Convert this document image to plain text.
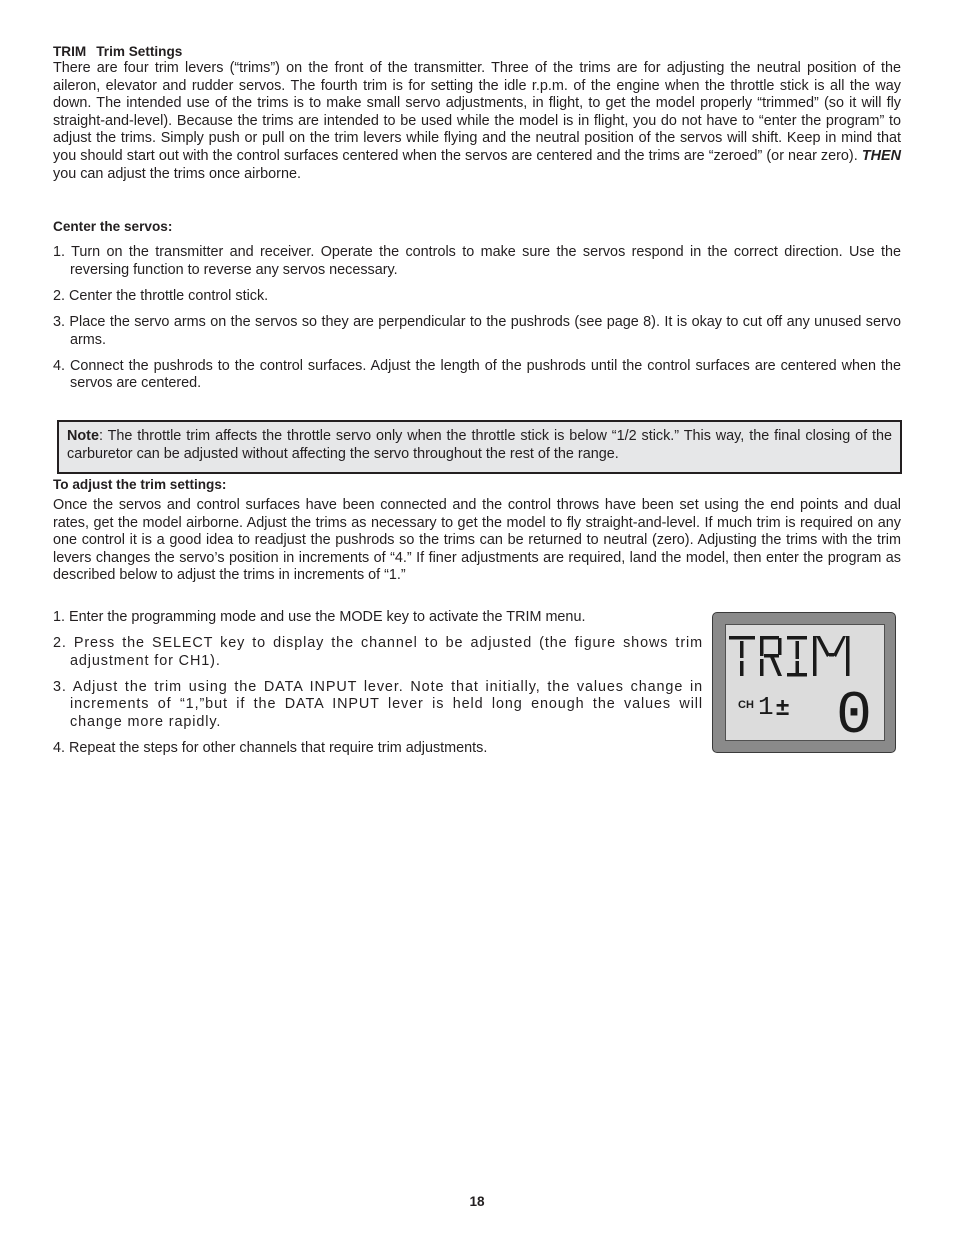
TRIM Trim Settings

There are four trim levers (“trims”) on the front of the transmitter. Three of the trims are for adjusting the neutral position of the aileron, elevator and rudder servos. The fourth trim is for setting the idle r.p.m. of the engine when the throttle stick is all the way down. The intended use of the trims is to make small servo adjustments, in flight, to get the model properly “trimmed” (so it will fly straight-and-level). Because the trims are intended to be used while the model is in flight, you do not have to “enter the program” to adjust the trims. Simply push or pull on the trim levers while flying and the neutral position of the servos will shift. Keep in mind that you should start out with the control surfaces centered when the servos are centered and the trims are “zeroed” (or near zero). THEN you can adjust the trims once airborne.

Center the servos:

1. Turn on the transmitter and receiver. Operate the controls to make sure the servos respond in the correct direction. Use the reversing function to reverse any servos necessary.
2. Center the throttle control stick.
3. Place the servo arms on the servos so they are perpendicular to the pushrods (see page 8). It is okay to cut off any unused servo arms.
4. Connect the pushrods to the control surfaces. Adjust the length of the pushrods until the control surfaces are centered when the servos are centered.
Note: The throttle trim affects the throttle servo only when the throttle stick is below “1/2 stick.” This way, the final closing of the carburetor can be adjusted without affecting the servo throughout the rest of the range.

To adjust the trim settings:

Once the servos and control surfaces have been connected and the control throws have been set using the end points and dual rates, get the model airborne. Adjust the trims as necessary to get the model to fly straight-and-level. If much trim is required on any one control it is a good idea to readjust the pushrods so the trims can be returned to neutral (zero). Adjusting the trims with the trim levers changes the servo’s position in increments of “4.” If finer adjustments are required, land the model, then enter the program as described below to adjust the trims in increments of “1.”

1. Enter the programming mode and use the MODE key to activate the TRIM menu.
2. Press the SELECT key to display the channel to be adjusted (the figure shows trim adjustment for CH1).
3. Adjust the trim using the DATA INPUT lever. Note that initially, the values change in increments of “1,”but if the DATA INPUT lever is held long enough the values will change more rapidly.
4. Repeat the steps for other channels that require trim adjustments.
CH 1 ± 0
18
